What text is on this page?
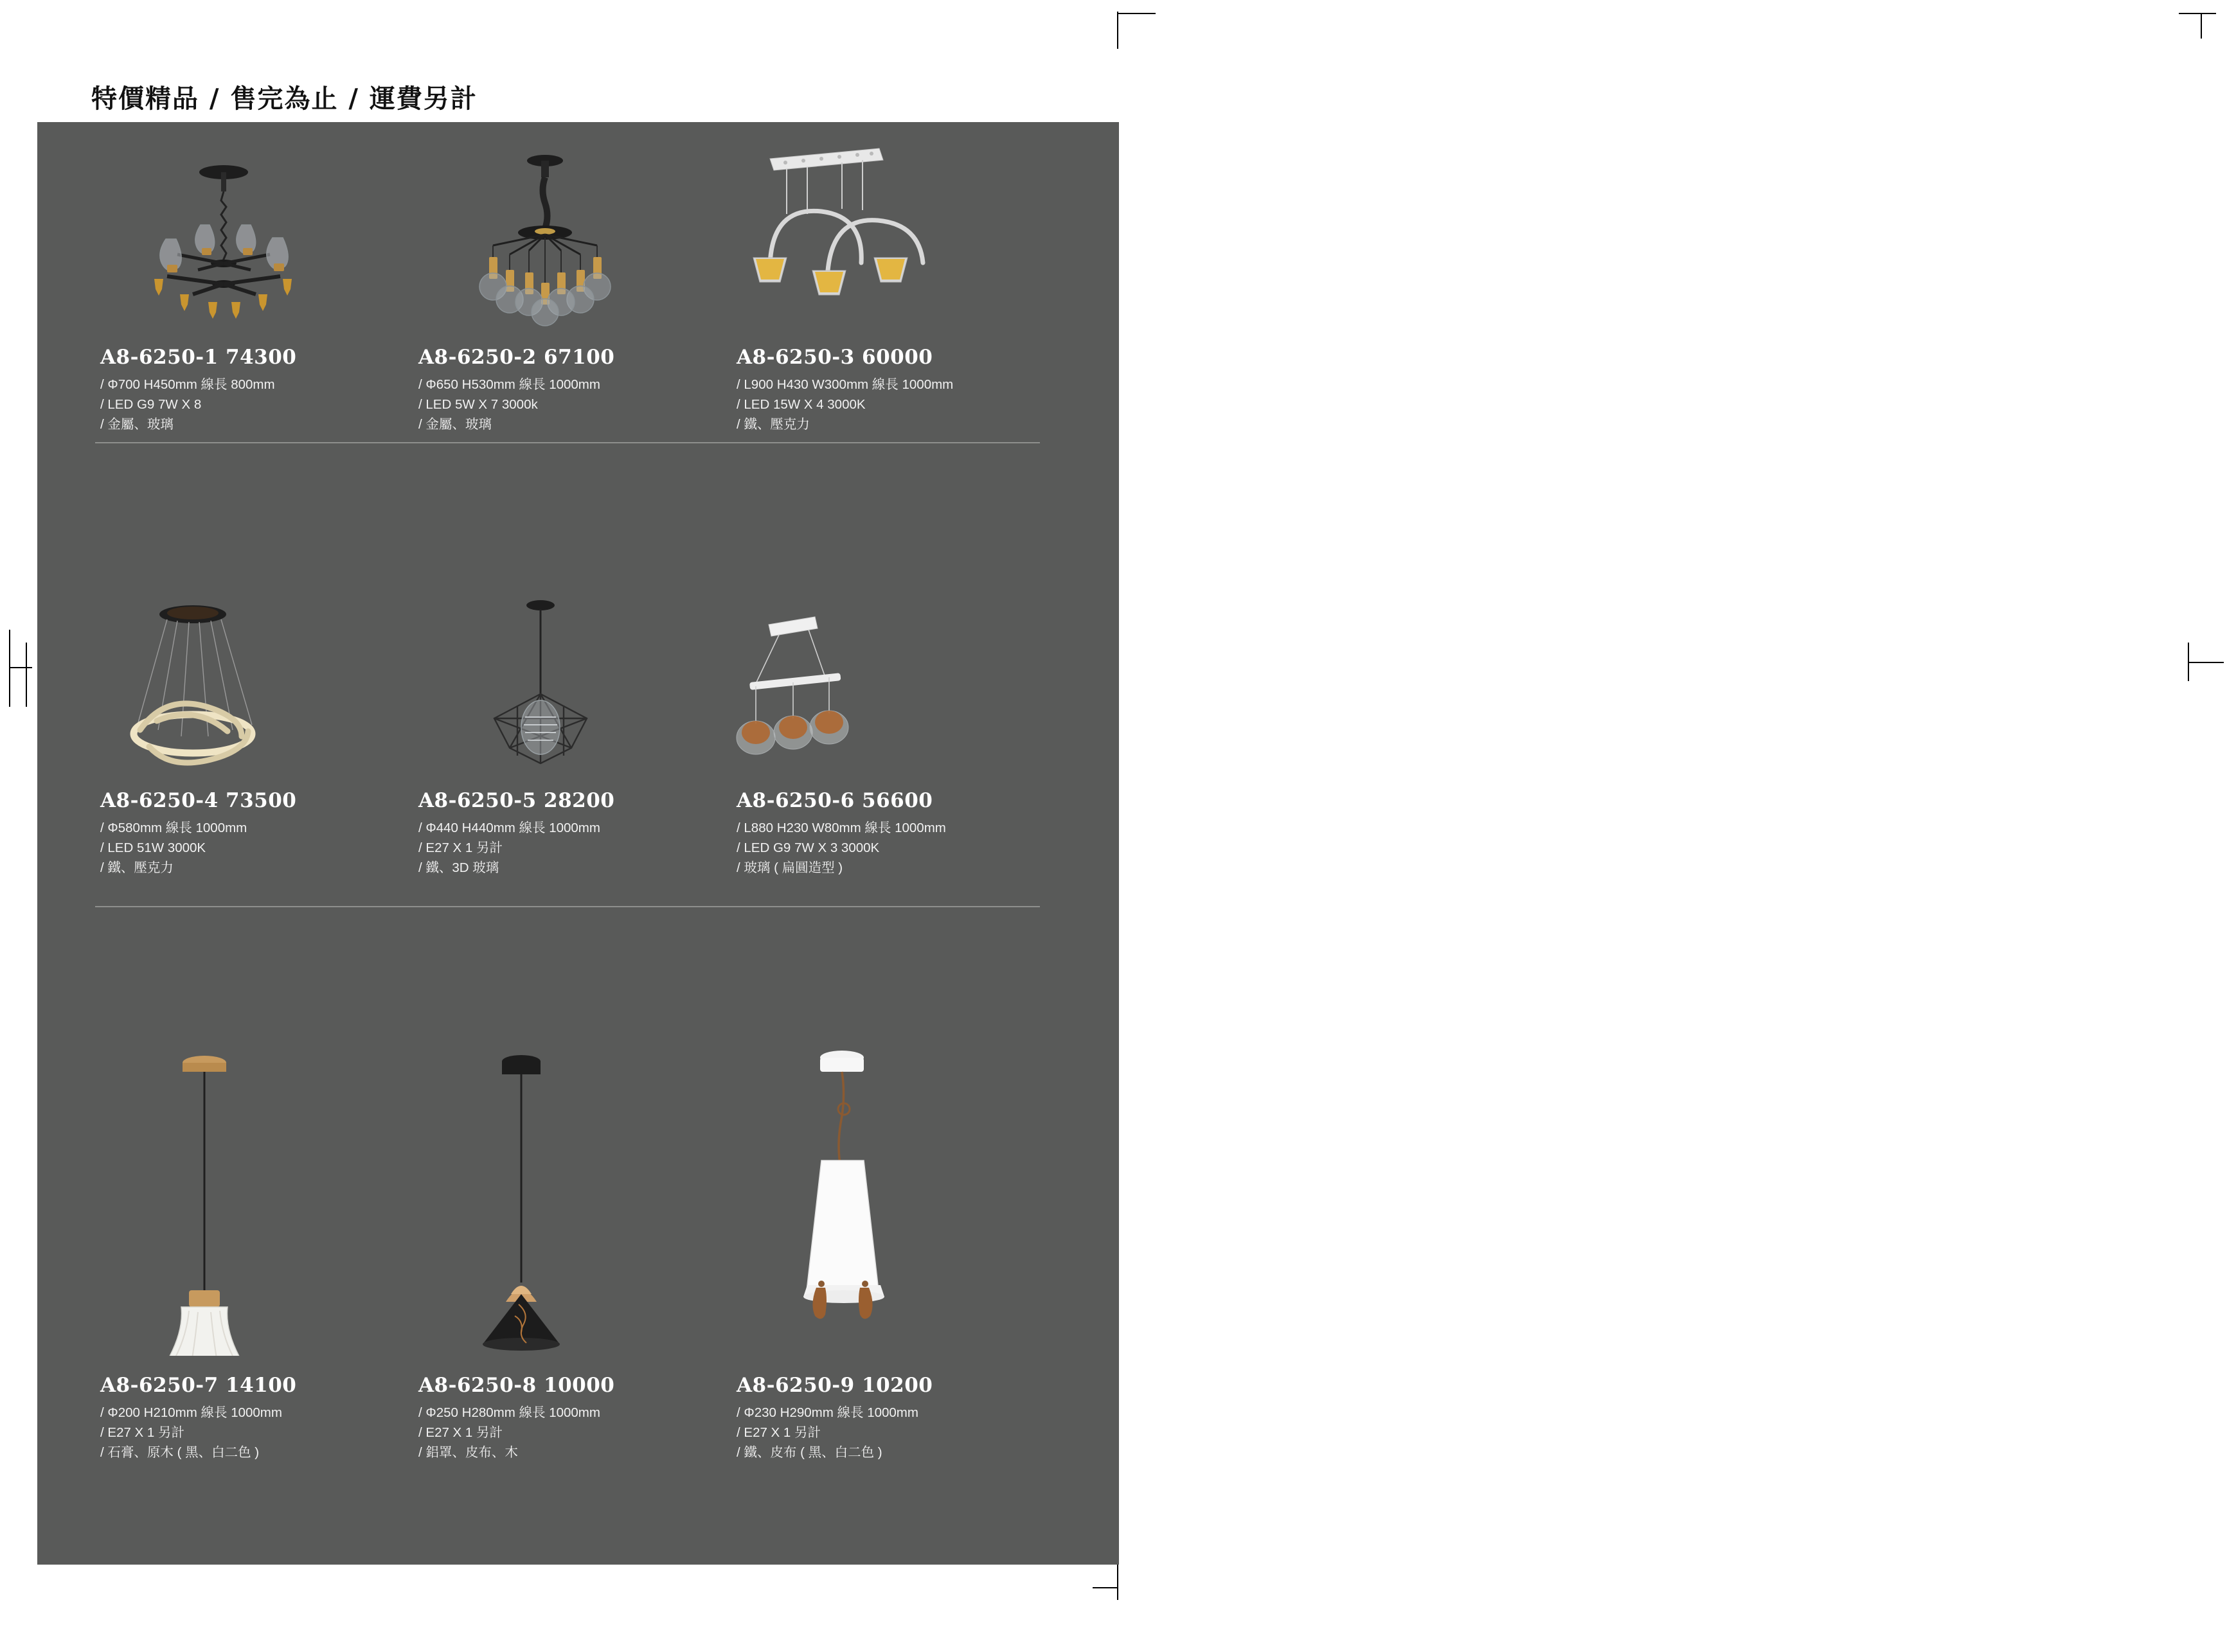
特價精品 / 售完為止 / 運費另計
A8-6250-1 74300
/ Φ700 H450mm 線長 800mm
/ LED G9 7W X 8
/ 金屬、玻璃
A8-6250-2 67100
/ Φ650 H530mm 線長 1000mm
/ LED 5W X 7 3000k
/ 金屬、玻璃
A8-6250-3 60000
/ L900 H430 W300mm 線長 1000mm
/ LED 15W X 4 3000K
/ 鐵、壓克力
A8-6250-4 73500
/ Φ580mm 線長 1000mm
/ LED 51W 3000K
/ 鐵、壓克力
A8-6250-5 28200
/ Φ440 H440mm 線長 1000mm
/ E27 X 1 另計
/ 鐵、3D 玻璃
A8-6250-6 56600
/ L880 H230 W80mm 線長 1000mm
/ LED G9 7W X 3 3000K
/ 玻璃 ( 扁圓造型 )
A8-6250-7 14100
/ Φ200 H210mm 線長 1000mm
/ E27 X 1 另計
/ 石膏、原木 ( 黑、白二色 )
A8-6250-8 10000
/ Φ250 H280mm 線長 1000mm
/ E27 X 1 另計
/ 鋁罩、皮布、木
A8-6250-9 10200
/ Φ230 H290mm 線長 1000mm
/ E27 X 1 另計
/ 鐵、皮布 ( 黑、白二色 )
A8 lighting 250
